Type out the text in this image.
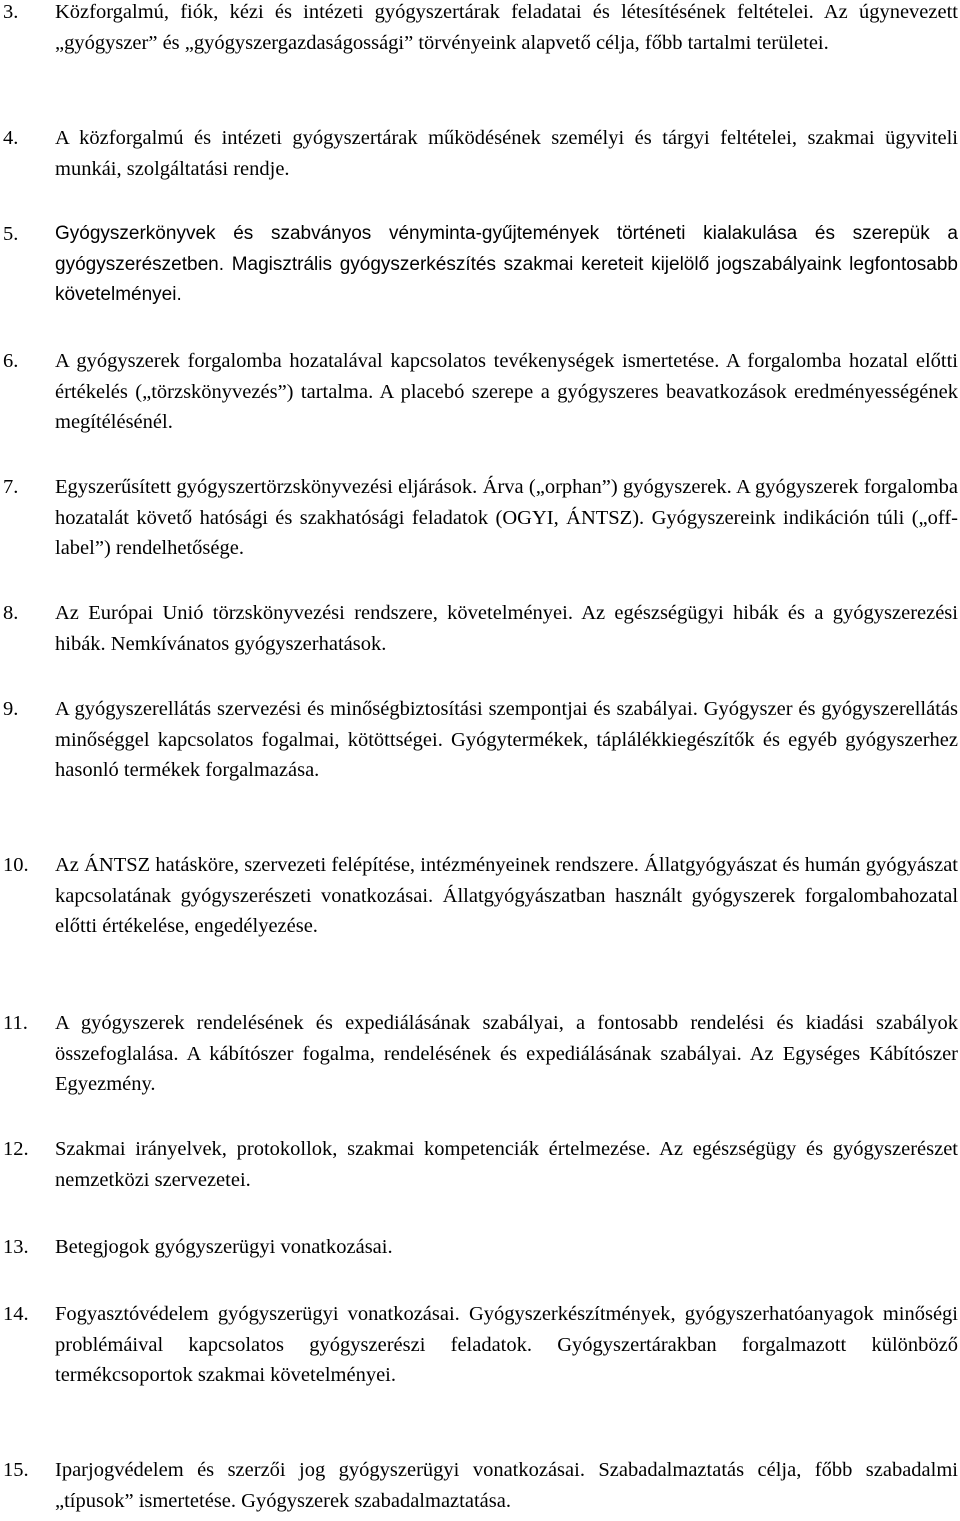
3. Közforgalmú, fiók, kézi és intézeti gyógyszertárak feladatai és létesítésének feltételei. Az úgynevezett „gyógyszer” és „gyógyszergazdaságossági” törvényeink alapvető célja, főbb tartalmi területei.
4. A közforgalmú és intézeti gyógyszertárak működésének személyi és tárgyi feltételei, szakmai ügyviteli munkái, szolgáltatási rendje.
5. Gyógyszerkönyvek és szabványos vényminta-gyűjtemények történeti kialakulása és szerepük a gyógyszerészetben. Magisztrális gyógyszerkészítés szakmai kereteit kijelölő jogszabályaink legfontosabb követelményei.
6. A gyógyszerek forgalomba hozatalával kapcsolatos tevékenységek ismertetése. A forgalomba hozatal előtti értékelés („törzskönyvezés”) tartalma. A placebó szerepe a gyógyszeres beavatkozások eredményességének megítélésénél.
7. Egyszerűsített gyógyszertörzskönyvezési eljárások. Árva („orphan”) gyógyszerek. A gyógyszerek forgalomba hozatalát követő hatósági és szakhatósági feladatok (OGYI, ÁNTSZ). Gyógyszereink indikáción túli („off-label”) rendelhetősége.
8. Az Európai Unió törzskönyvezési rendszere, követelményei. Az egészségügyi hibák és a gyógyszerezési hibák. Nemkívánatos gyógyszerhatások.
9. A gyógyszerellátás szervezési és minőségbiztosítási szempontjai és szabályai. Gyógyszer és gyógyszerellátás minőséggel kapcsolatos fogalmai, kötöttségei. Gyógytermékek, táplálékkiegészítők és egyéb gyógyszerhez hasonló termékek forgalmazása.
10. Az ÁNTSZ hatásköre, szervezeti felépítése, intézményeinek rendszere. Állatgyógyászat és humán gyógyászat kapcsolatának gyógyszerészeti vonatkozásai. Állatgyógyászatban használt gyógyszerek forgalombahozatal előtti értékelése, engedélyezése.
11. A gyógyszerek rendelésének és expediálásának szabályai, a fontosabb rendelési és kiadási szabályok összefoglalása. A kábítószer fogalma, rendelésének és expediálásának szabályai. Az Egységes Kábítószer Egyezmény.
12. Szakmai irányelvek, protokollok, szakmai kompetenciák értelmezése. Az egészségügy és gyógyszerészet nemzetközi szervezetei.
13. Betegjogok gyógyszerügyi vonatkozásai.
14. Fogyasztóvédelem gyógyszerügyi vonatkozásai. Gyógyszerkészítmények, gyógyszerhatóanyagok minőségi problémáival kapcsolatos gyógyszerészi feladatok. Gyógyszertárakban forgalmazott különböző termékcsoportok szakmai követelményei.
15. Iparjogvédelem és szerzői jog gyógyszerügyi vonatkozásai. Szabadalmaztatás célja, főbb szabadalmi „típusok” ismertetése. Gyógyszerek szabadalmaztatása.
